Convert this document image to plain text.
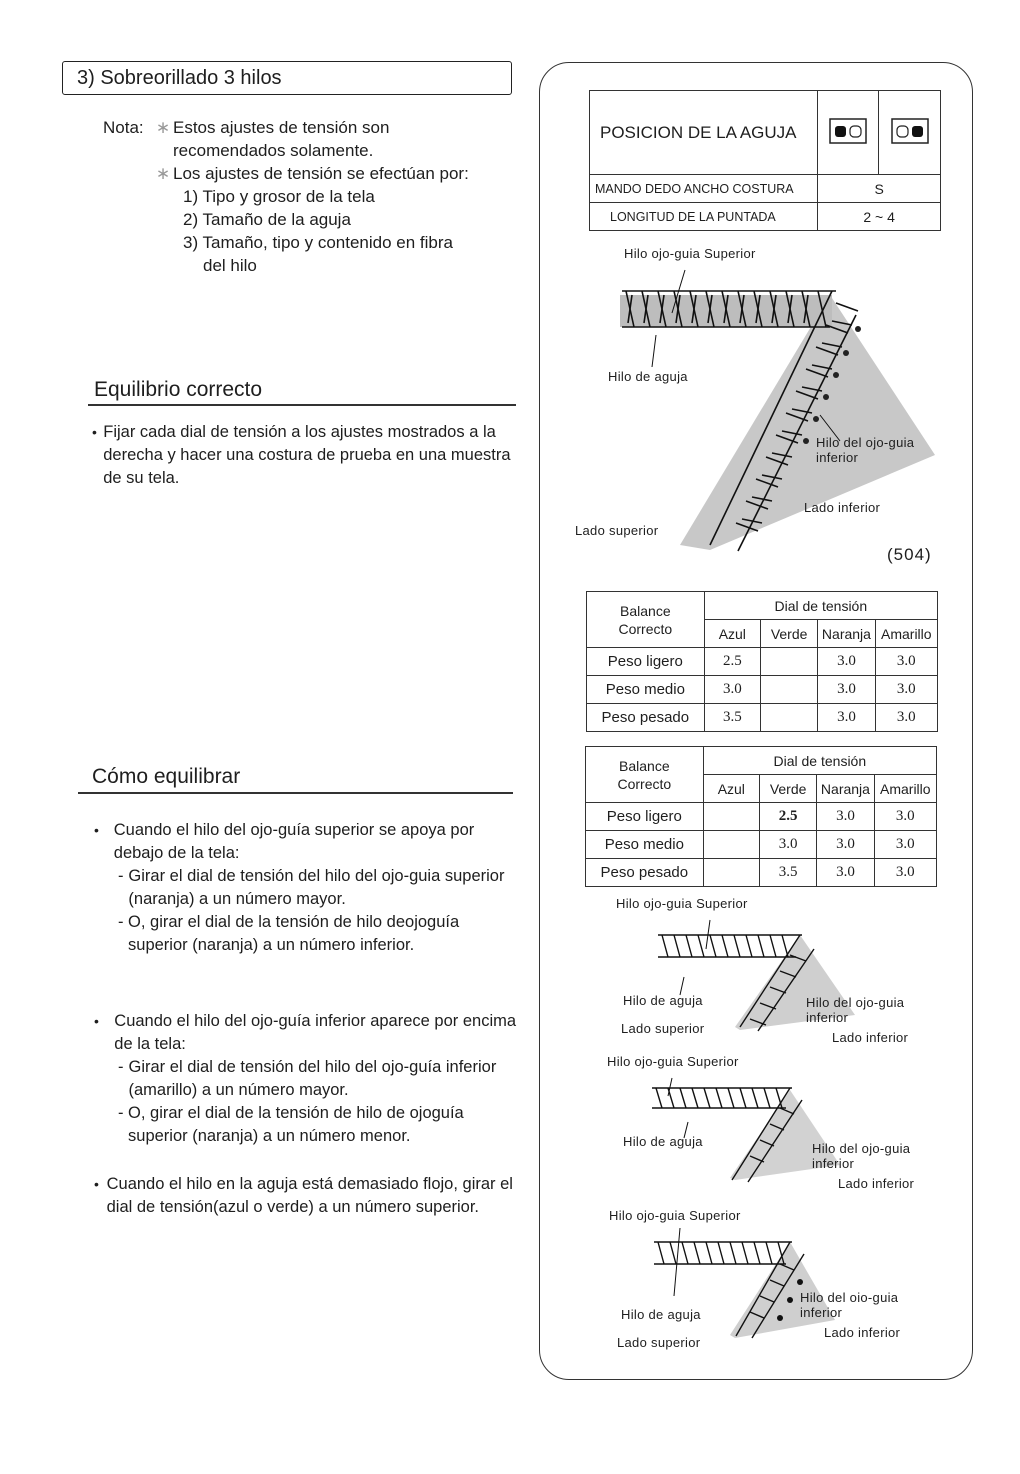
3) Sobreorillado 3 hilos
Nota: ∗ Estos ajustes de tensión son
recomendados solamente.
∗ Los ajustes de tensión se efectúan por:
1) Tipo y grosor de la tela
2) Tamaño de la aguja
3) Tamaño, tipo y contenido en fibra
del hilo
Equilibrio correcto
• Fijar cada dial de tensión a los ajustes mostrados a la derecha y hacer una costura de prueba en una muestra de su tela.
Cómo equilibrar
• Cuando el hilo del ojo-guía superior se apoya por debajo de la tela:
- Girar el dial de tensión del hilo del ojo-guia superior (naranja) a un número mayor.
- O, girar el dial de la tensión de hilo deojoguía superior (naranja) a un número inferior.
• Cuando el hilo del ojo-guía inferior aparece por encima de la tela:
- Girar el dial de tensión del hilo del ojo-guía inferior (amarillo) a un número mayor.
- O, girar el dial de la tensión de hilo de ojoguía superior (naranja) a un número menor.
• Cuando el hilo en la aguja está demasiado flojo, girar el dial de tensión(azul o verde) a un número superior.
POSICION DE LA AGUJA		
MANDO DEDO ANCHO COSTURA	S	
LONGITUD DE LA PUNTADA	2 ~ 4	
Hilo ojo-guia Superior
Hilo de aguja
Hilo del ojo-guia
inferior
Lado inferior
Lado superior
(504)
Balance
Correcto	Dial de tensión			
	Azul	Verde	Naranja	Amarillo
Peso ligero	2.5		3.0	3.0
Peso medio	3.0		3.0	3.0
Peso pesado	3.5		3.0	3.0
Balance
Correcto	Dial de tensión			
	Azul	Verde	Naranja	Amarillo
Peso ligero		2.5	3.0	3.0
Peso medio		3.0	3.0	3.0
Peso pesado		3.5	3.0	3.0
Hilo ojo-guia Superior
Hilo de aguja
Lado superior
Hilo del ojo-guia
inferior
Lado inferior
Hilo ojo-guia Superior
Hilo de aguja	Hilo del ojo-guia
inferior
Lado inferior
Hilo ojo-guia Superior
Hilo de aguja
Lado superior
Hilo del oio-guia
inferior
Lado inferior
